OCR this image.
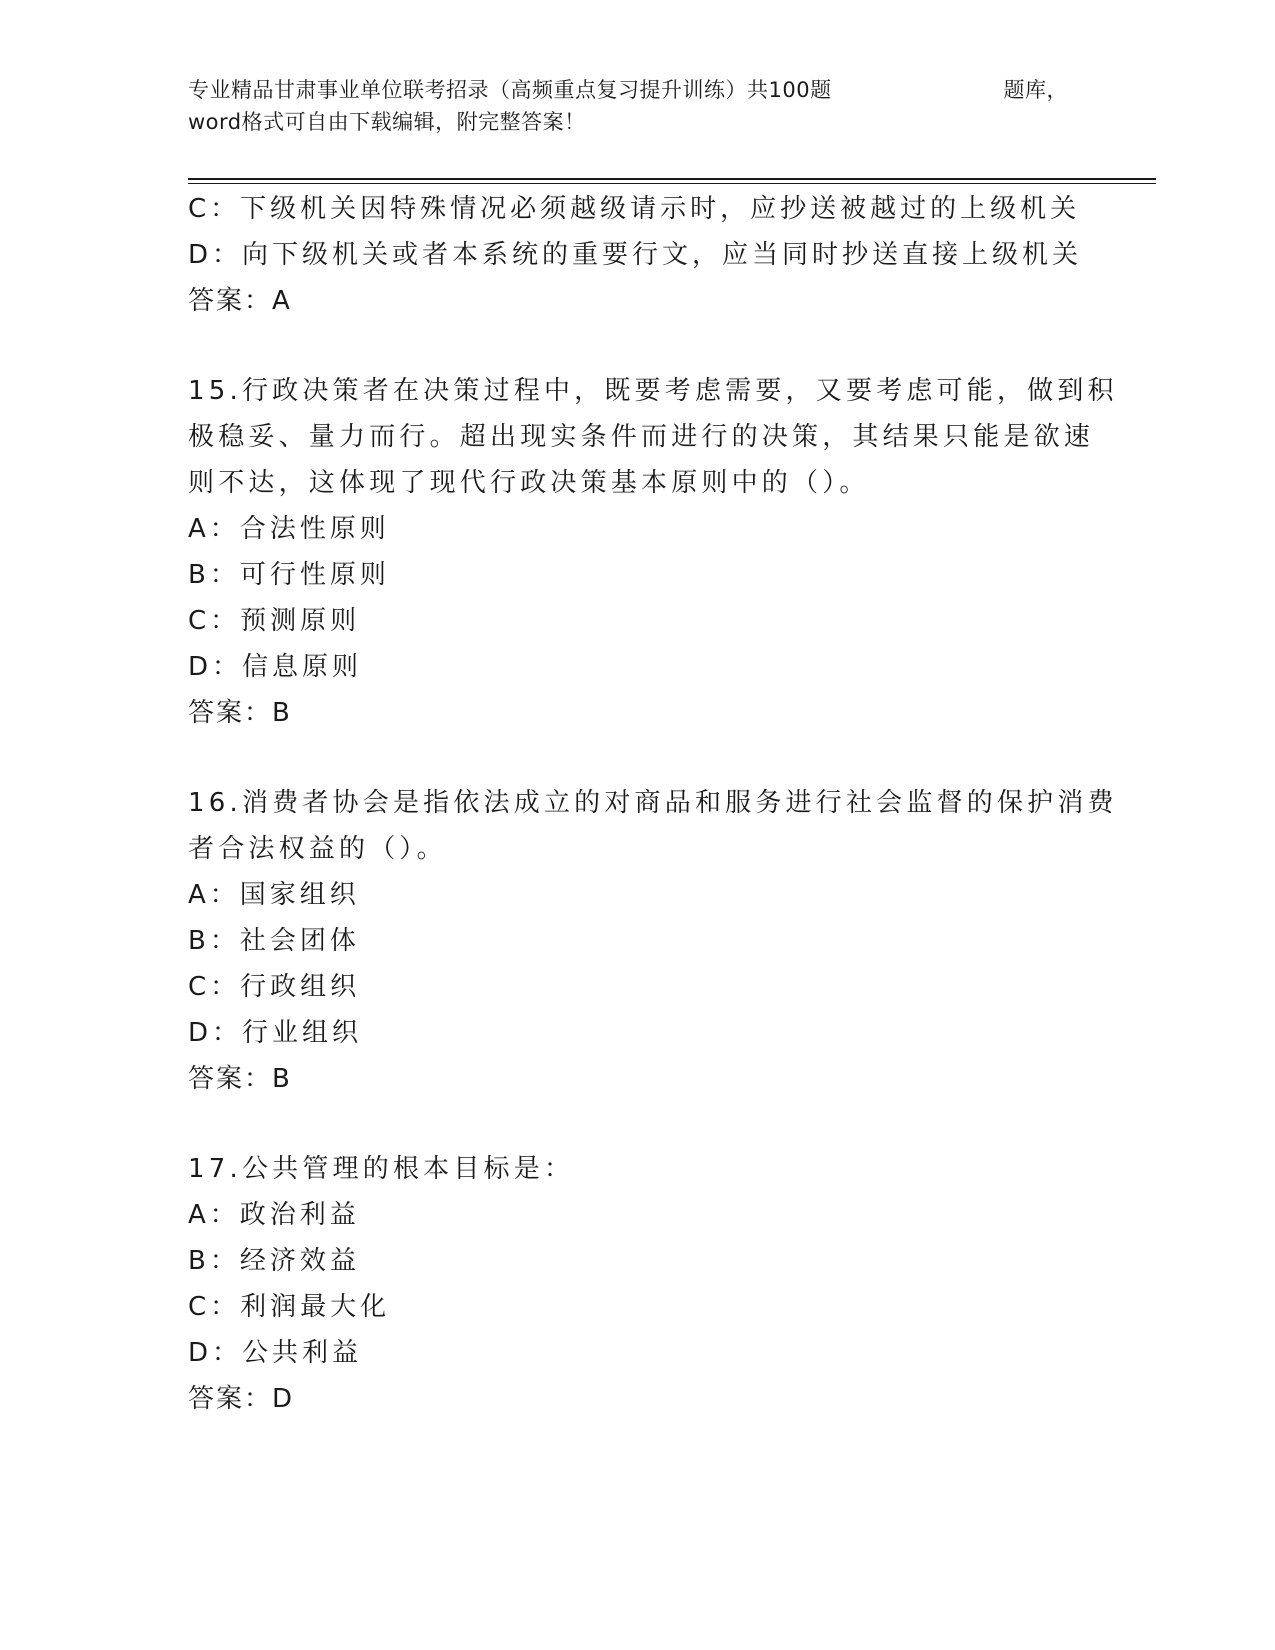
专业精品甘肃事业单位联考招录（高频重点复习提升训练）共100题	题库，
word格式可自由下载编辑，附完整答案！
C：下级机关因特殊情况必须越级请示时，应抄送被越过的上级机关
D：向下级机关或者本系统的重要行文，应当同时抄送直接上级机关
答案：A
15.行政决策者在决策过程中，既要考虑需要，又要考虑可能，做到积
极稳妥、量力而行。超出现实条件而进行的决策，其结果只能是欲速
则不达，这体现了现代行政决策基本原则中的（）。
A：合法性原则
B：可行性原则
C：预测原则
D：信息原则
答案：B
16.消费者协会是指依法成立的对商品和服务进行社会监督的保护消费
者合法权益的（）。
A：国家组织
B：社会团体
C：行政组织
D：行业组织
答案：B
17.公共管理的根本目标是：
A：政治利益
B：经济效益
C：利润最大化
D：公共利益
答案：D
